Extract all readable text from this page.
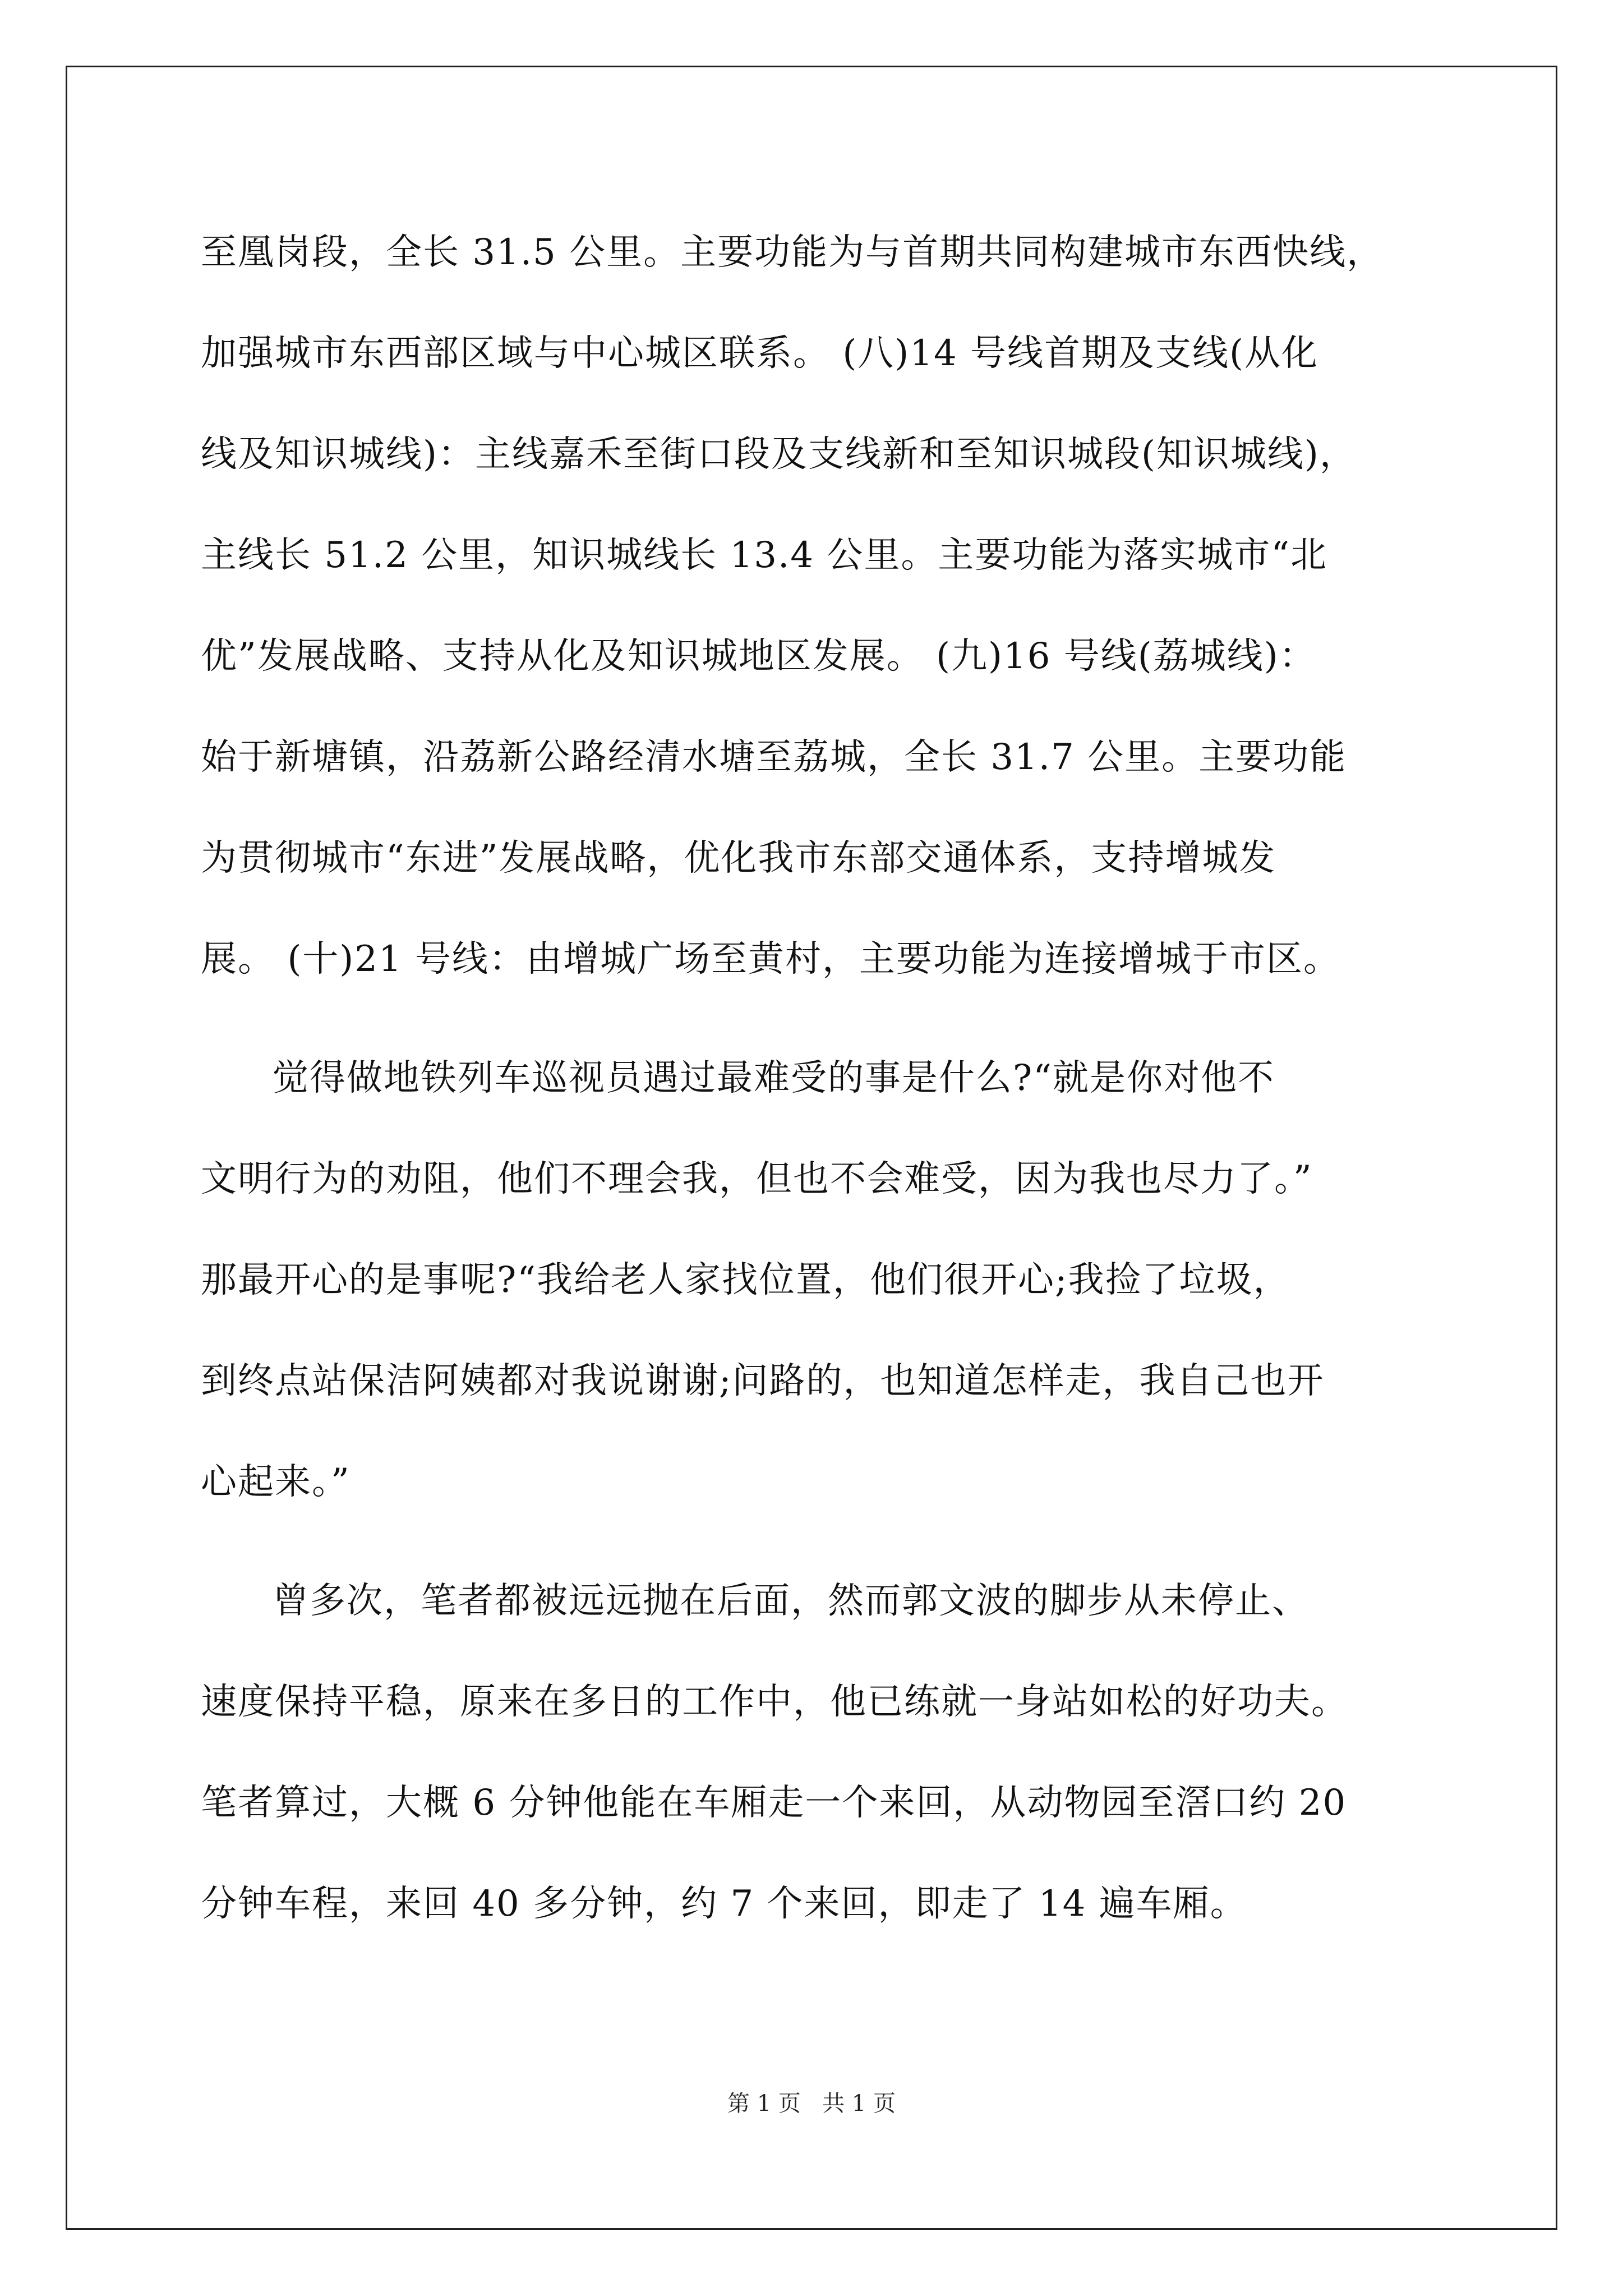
至凰岗段，全长 31.5 公里。主要功能为与首期共同构建城市东西快线，
加强城市东西部区域与中心城区联系。 (八)14 号线首期及支线(从化
线及知识城线)：主线嘉禾至街口段及支线新和至知识城段(知识城线)，
主线长 51.2 公里，知识城线长 13.4 公里。主要功能为落实城市“北
优”发展战略、支持从化及知识城地区发展。 (九)16 号线(荔城线)：
始于新塘镇，沿荔新公路经清水塘至荔城，全长 31.7 公里。主要功能
为贯彻城市“东进”发展战略，优化我市东部交通体系，支持增城发
展。 (十)21 号线：由增城广场至黄村，主要功能为连接增城于市区。
觉得做地铁列车巡视员遇过最难受的事是什么?“就是你对他不
文明行为的劝阻，他们不理会我，但也不会难受，因为我也尽力了。”
那最开心的是事呢?“我给老人家找位置，他们很开心;我捡了垃圾，
到终点站保洁阿姨都对我说谢谢;问路的，也知道怎样走，我自己也开
心起来。”
曾多次，笔者都被远远抛在后面，然而郭文波的脚步从未停止、
速度保持平稳，原来在多日的工作中，他已练就一身站如松的好功夫。
笔者算过，大概 6 分钟他能在车厢走一个来回，从动物园至滘口约 20
分钟车程，来回 40 多分钟，约 7 个来回，即走了 14 遍车厢。
第 1 页   共 1 页
